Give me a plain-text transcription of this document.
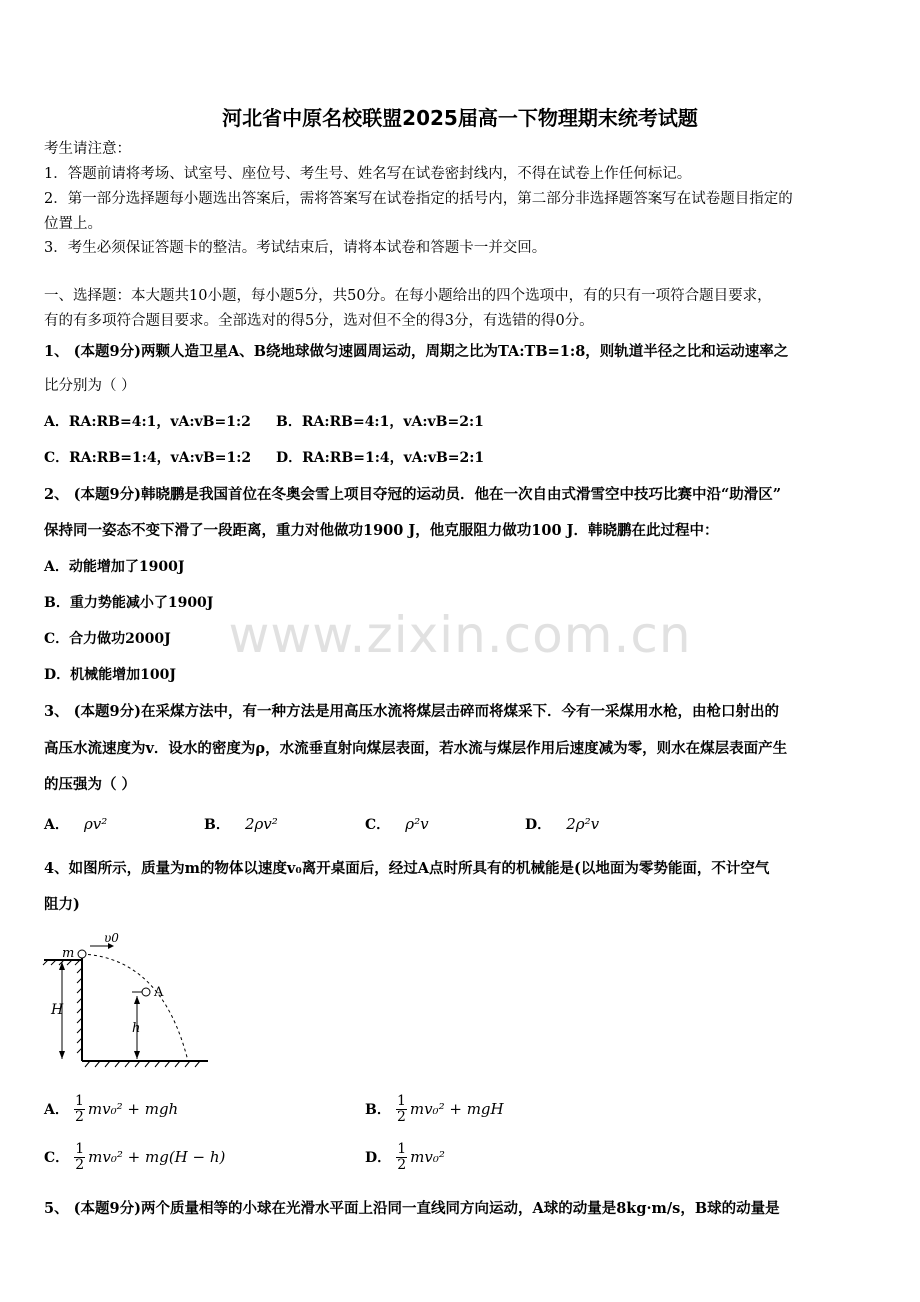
河北省中原名校联盟2025届高一下物理期末统考试题
考生请注意：
1．答题前请将考场、试室号、座位号、考生号、姓名写在试卷密封线内，不得在试卷上作任何标记。
2．第一部分选择题每小题选出答案后，需将答案写在试卷指定的括号内，第二部分非选择题答案写在试卷题目指定的
位置上。
3．考生必须保证答题卡的整洁。考试结束后，请将本试卷和答题卡一并交回。
一、选择题：本大题共10小题，每小题5分，共50分。在每小题给出的四个选项中，有的只有一项符合题目要求，
有的有多项符合题目要求。全部选对的得5分，选对但不全的得3分，有选错的得0分。
1、 (本题9分)两颗人造卫星A、B绕地球做匀速圆周运动，周期之比为TA:TB=1:8，则轨道半径之比和运动速率之
比分别为（ ）
A．RA:RB=4:1，vA:vB=1:2 B．RA:RB=4:1，vA:vB=2:1
C．RA:RB=1:4，vA:vB=1:2 D．RA:RB=1:4，vA:vB=2:1
2、 (本题9分)韩晓鹏是我国首位在冬奥会雪上项目夺冠的运动员．他在一次自由式滑雪空中技巧比赛中沿“助滑区”
保持同一姿态不变下滑了一段距离，重力对他做功1900 J，他克服阻力做功100 J．韩晓鹏在此过程中：
A．动能增加了1900J
B．重力势能减小了1900J
C．合力做功2000J
D．机械能增加100J
www.zixin.com.cn
3、 (本题9分)在采煤方法中，有一种方法是用高压水流将煤层击碎而将煤采下．今有一采煤用水枪，由枪口射出的
高压水流速度为v．设水的密度为ρ，水流垂直射向煤层表面，若水流与煤层作用后速度减为零，则水在煤层表面产生
的压强为（ ）
A． ρv²	B． 2ρv²	C． ρ²v	D． 2ρ²v
4、如图所示，质量为m的物体以速度v₀离开桌面后，经过A点时所具有的机械能是(以地面为零势能面，不计空气
阻力)
H
m
υ0
A
h
A． $\frac{1}{2} mv_0^2$ + mgh	B． $\frac{1}{2} mv_0^2$ + mgH
C． $\frac{1}{2} mv_0^2 + mg(H - h)$	D． $\frac{1}{2} mv_0^2$
5、 (本题9分)两个质量相等的小球在光滑水平面上沿同一直线同方向运动，A球的动量是8kg·m/s，B球的动量是
